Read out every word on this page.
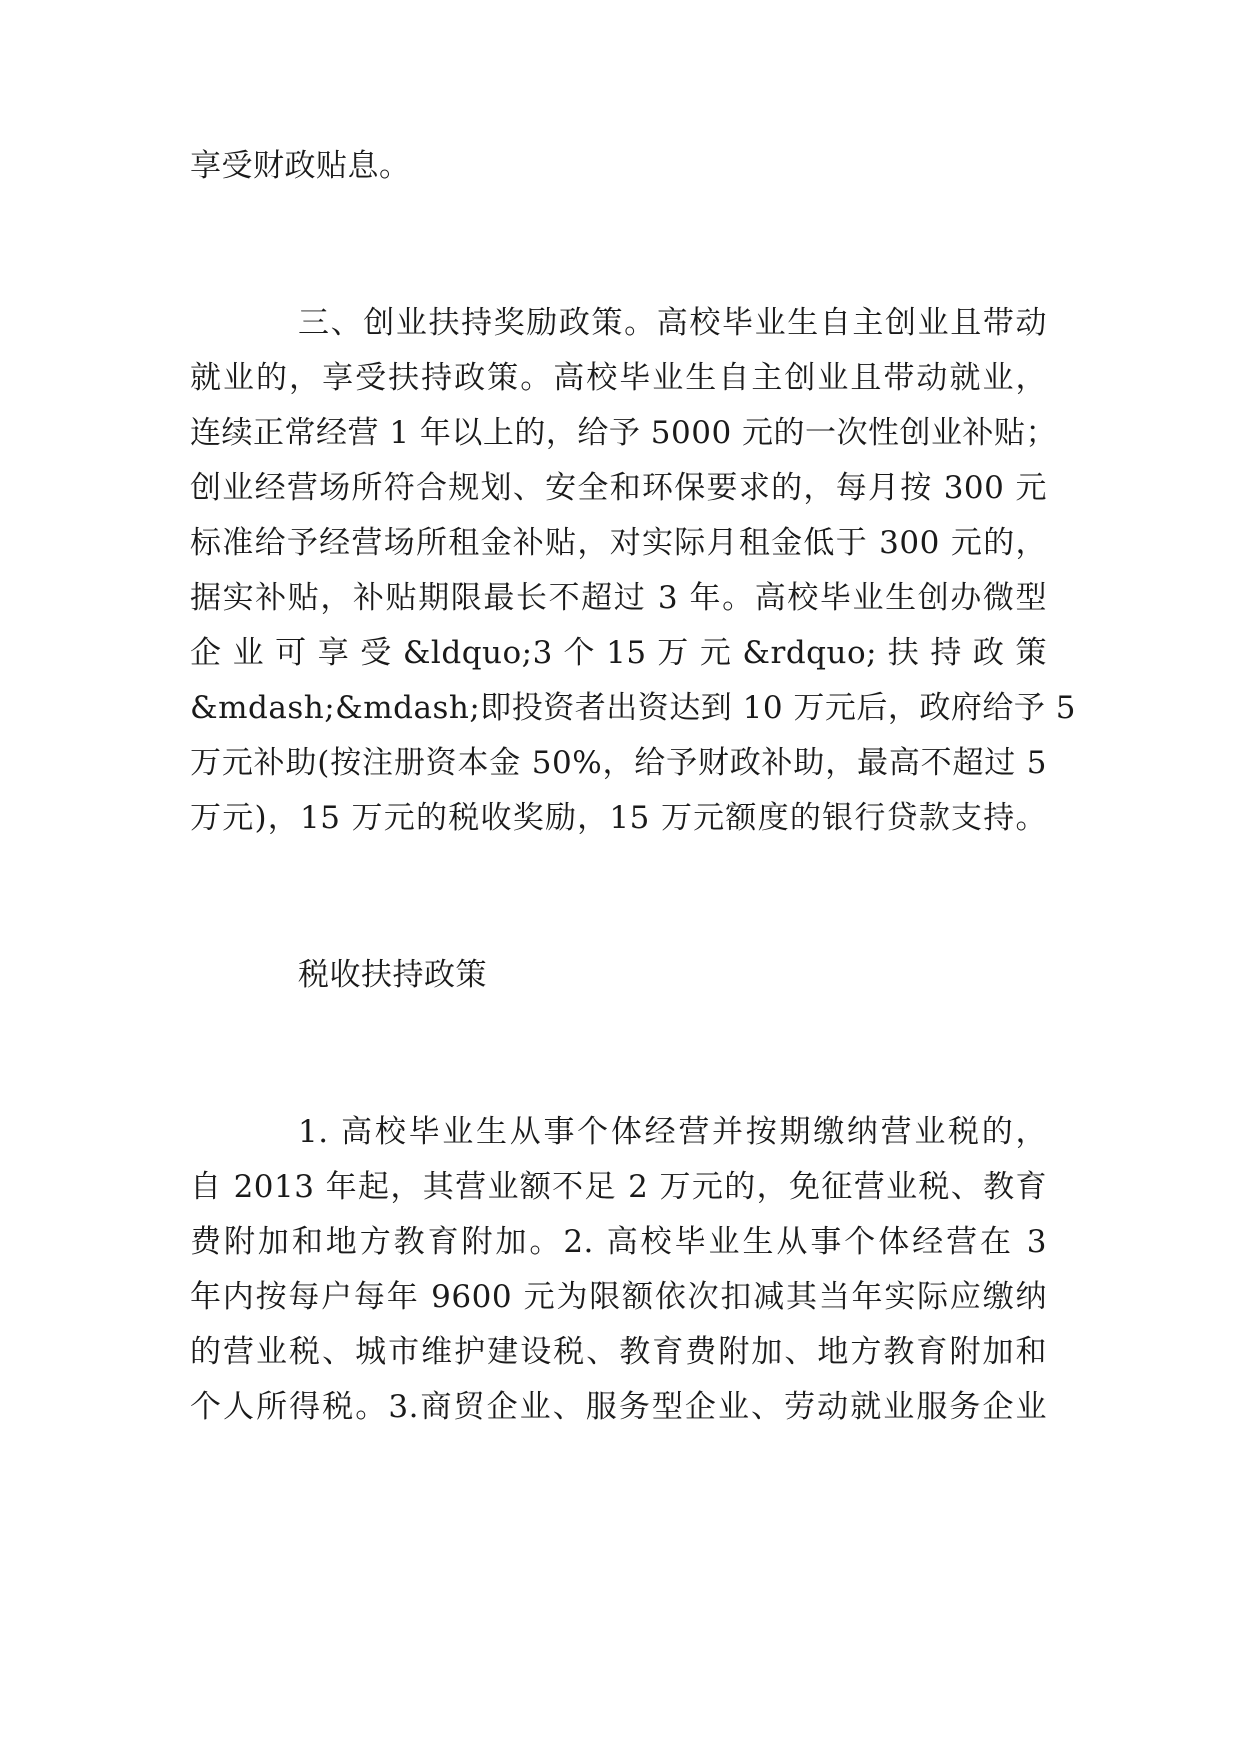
享受财政贴息。
三、创业扶持奖励政策。高校毕业生自主创业且带动
就业的，享受扶持政策。高校毕业生自主创业且带动就业，
连续正常经营 1 年以上的，给予 5000 元的一次性创业补贴；
创业经营场所符合规划、安全和环保要求的，每月按 300 元
标准给予经营场所租金补贴，对实际月租金低于 300 元的，
据实补贴，补贴期限最长不超过 3 年。高校毕业生创办微型
企 业 可 享 受 &ldquo;3 个 15 万 元 &rdquo; 扶 持 政 策
&mdash;&mdash;即投资者出资达到 10 万元后，政府给予 5
万元补助(按注册资本金 50%，给予财政补助，最高不超过 5
万元)，15 万元的税收奖励，15 万元额度的银行贷款支持。
税收扶持政策
1. 高校毕业生从事个体经营并按期缴纳营业税的，
自 2013 年起，其营业额不足 2 万元的，免征营业税、教育
费附加和地方教育附加。2. 高校毕业生从事个体经营在 3
年内按每户每年 9600 元为限额依次扣减其当年实际应缴纳
的营业税、城市维护建设税、教育费附加、地方教育附加和
个人所得税。3.商贸企业、服务型企业、劳动就业服务企业
